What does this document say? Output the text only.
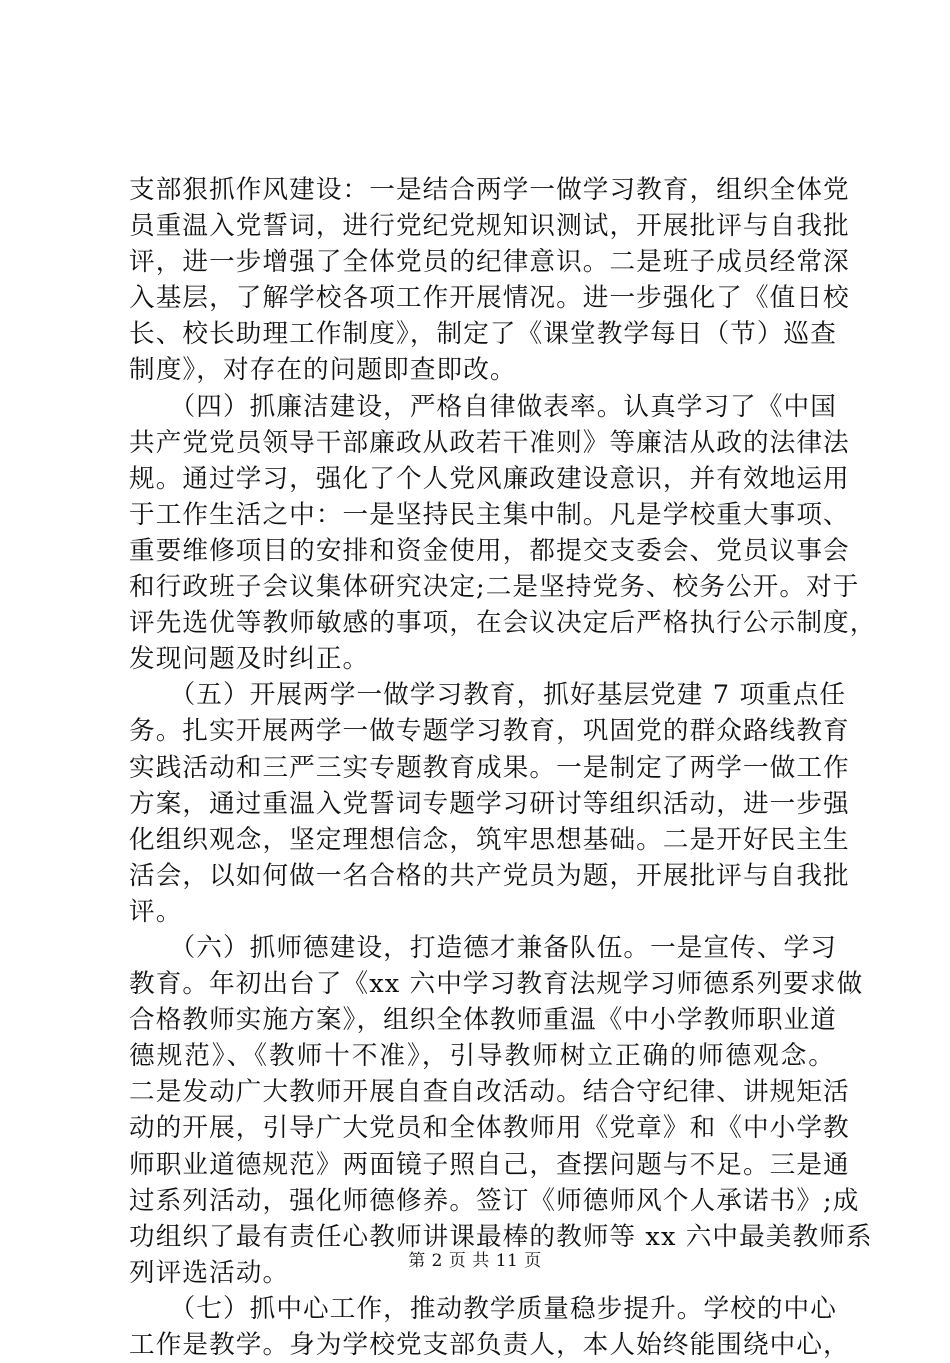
支部狠抓作风建设：一是结合两学一做学习教育，组织全体党
员重温入党誓词，进行党纪党规知识测试，开展批评与自我批
评，进一步增强了全体党员的纪律意识。二是班子成员经常深
入基层，了解学校各项工作开展情况。进一步强化了《值日校
长、校长助理工作制度》，制定了《课堂教学每日（节）巡查
制度》，对存在的问题即查即改。
　　（四）抓廉洁建设，严格自律做表率。认真学习了《中国
共产党党员领导干部廉政从政若干准则》等廉洁从政的法律法
规。通过学习，强化了个人党风廉政建设意识，并有效地运用
于工作生活之中：一是坚持民主集中制。凡是学校重大事项、
重要维修项目的安排和资金使用，都提交支委会、党员议事会
和行政班子会议集体研究决定;二是坚持党务、校务公开。对于
评先选优等教师敏感的事项，在会议决定后严格执行公示制度，
发现问题及时纠正。
　　（五）开展两学一做学习教育，抓好基层党建 7 项重点任
务。扎实开展两学一做专题学习教育，巩固党的群众路线教育
实践活动和三严三实专题教育成果。一是制定了两学一做工作
方案，通过重温入党誓词专题学习研讨等组织活动，进一步强
化组织观念，坚定理想信念，筑牢思想基础。二是开好民主生
活会，以如何做一名合格的共产党员为题，开展批评与自我批
评。
　　（六）抓师德建设，打造德才兼备队伍。一是宣传、学习
教育。年初出台了《xx 六中学习教育法规学习师德系列要求做
合格教师实施方案》，组织全体教师重温《中小学教师职业道
德规范》、《教师十不准》，引导教师树立正确的师德观念。
二是发动广大教师开展自查自改活动。结合守纪律、讲规矩活
动的开展，引导广大党员和全体教师用《党章》和《中小学教
师职业道德规范》两面镜子照自己，查摆问题与不足。三是通
过系列活动，强化师德修养。签订《师德师风个人承诺书》;成
功组织了最有责任心教师讲课最棒的教师等 xx 六中最美教师系
列评选活动。
　　（七）抓中心工作，推动教学质量稳步提升。学校的中心
工作是教学。身为学校党支部负责人，本人始终能围绕中心，
第 2 页 共 11 页
